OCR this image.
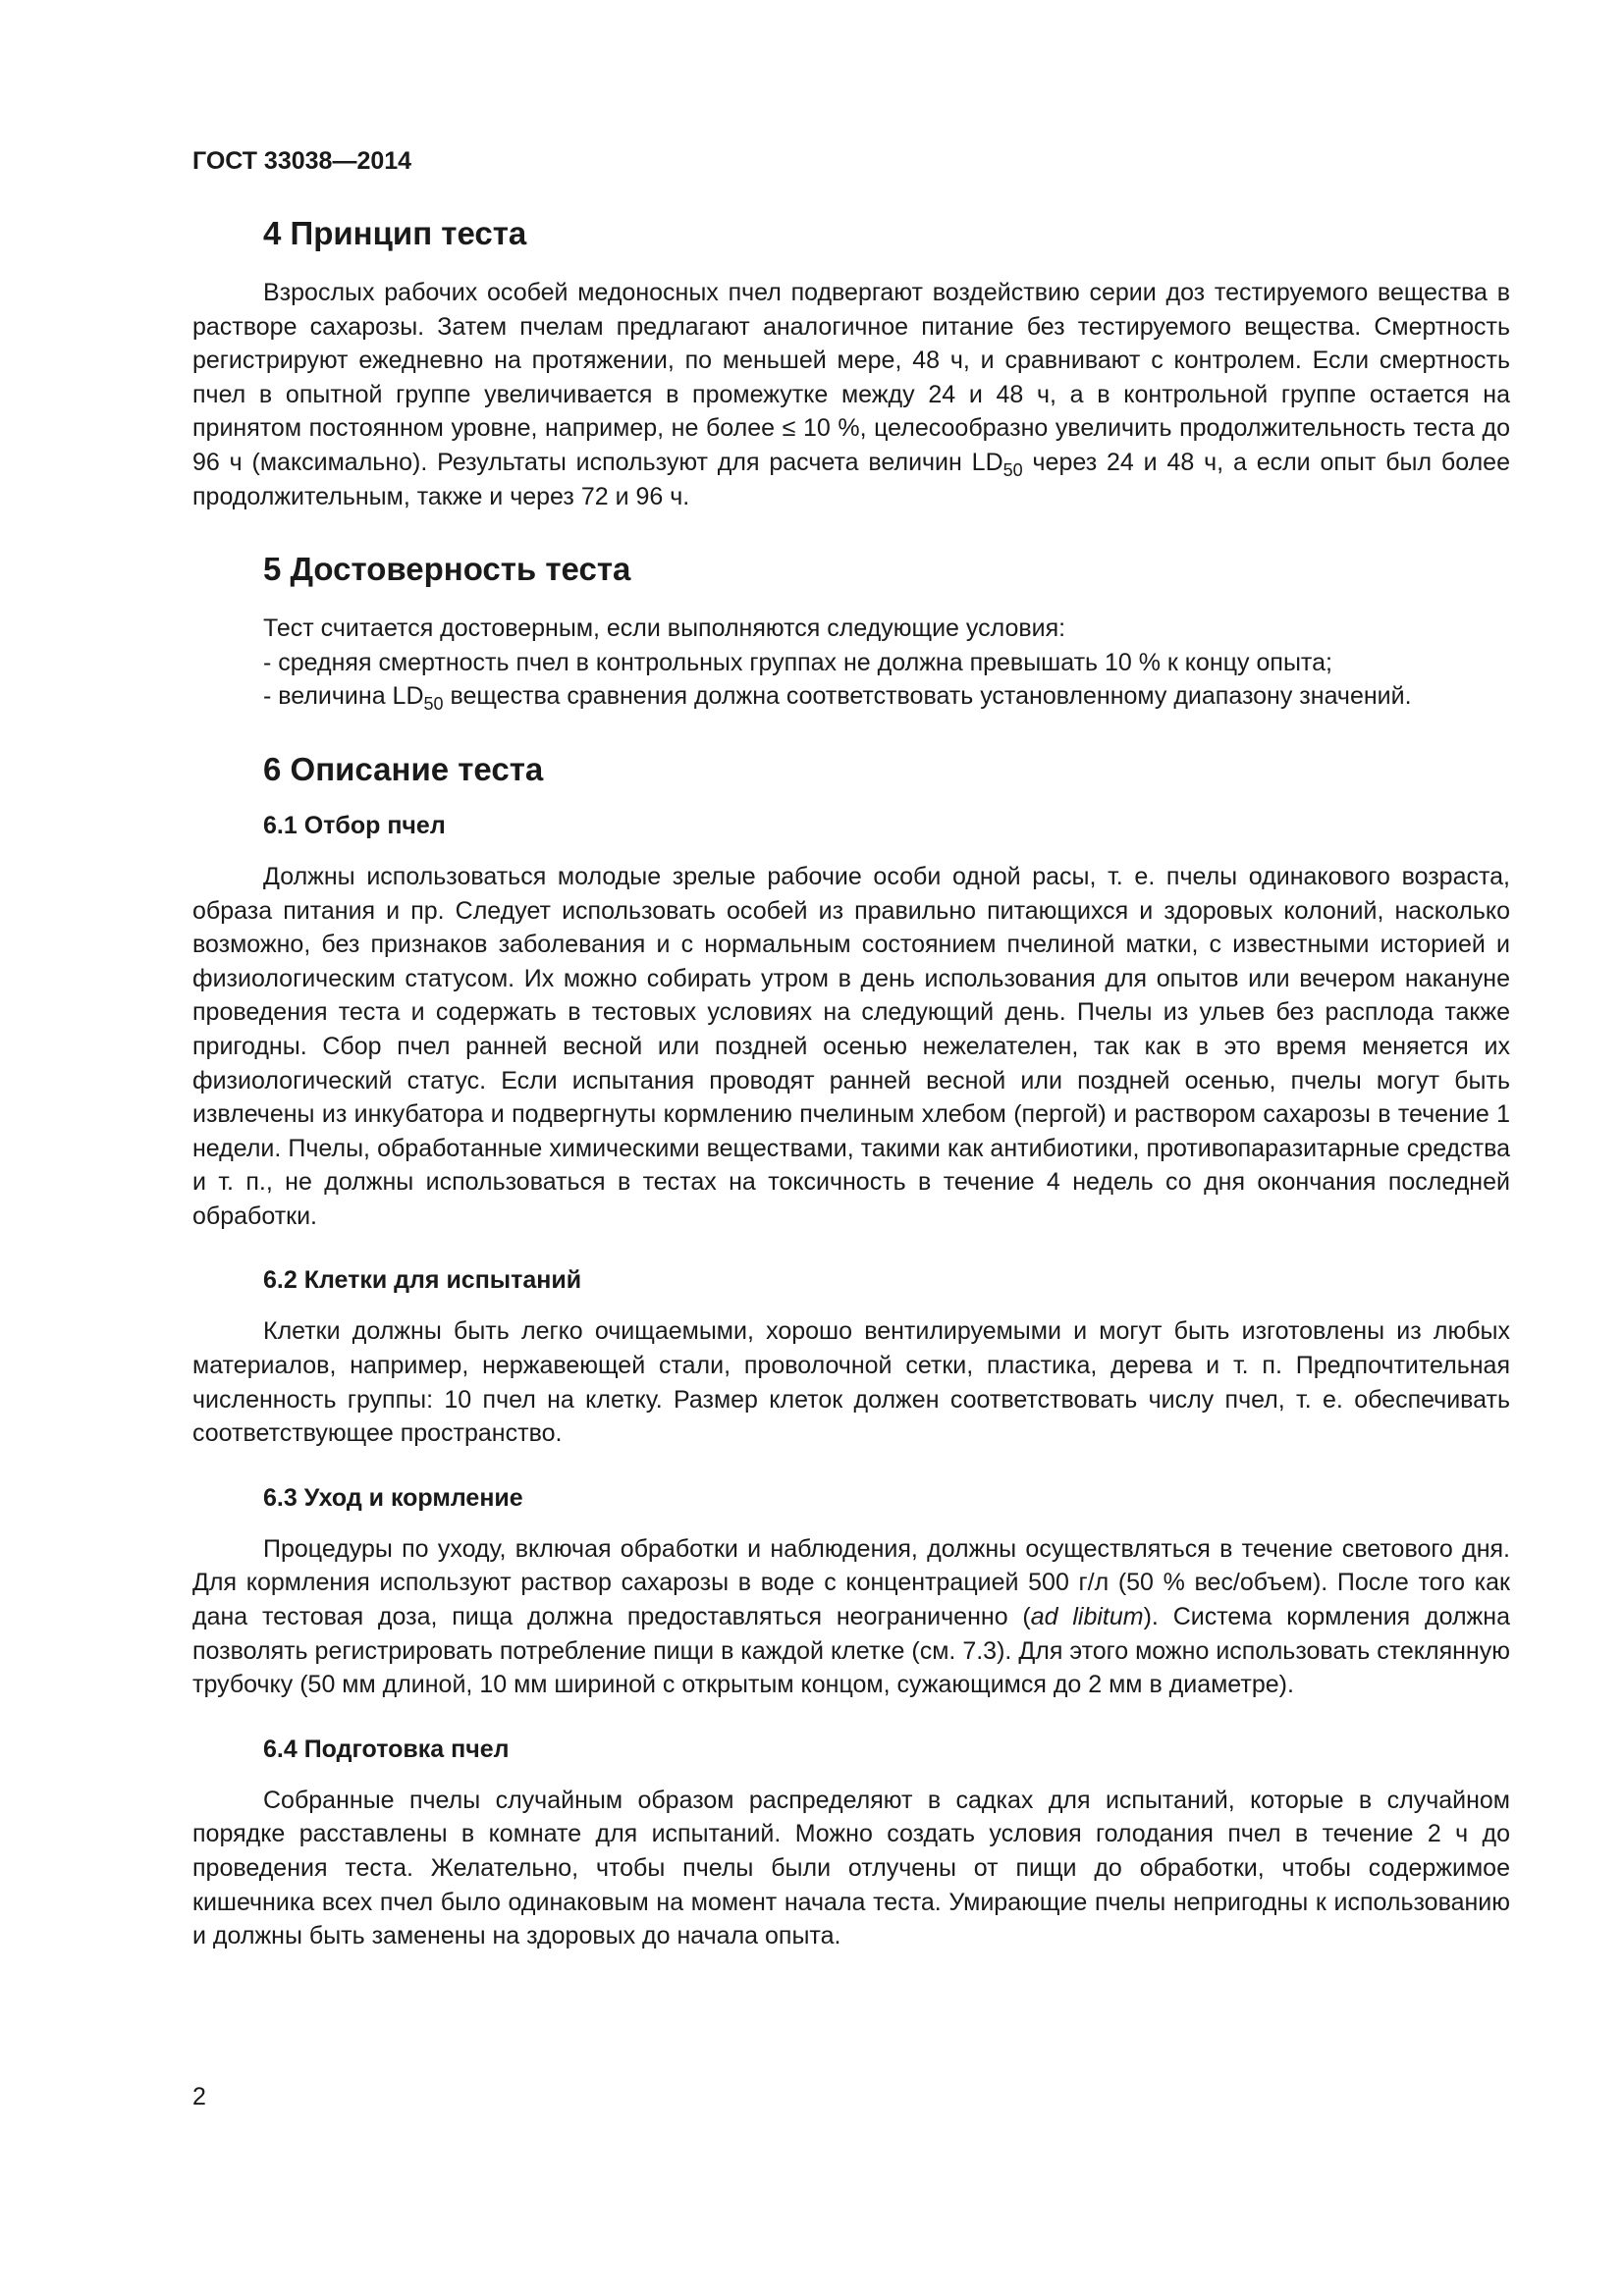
ГОСТ 33038—2014
4 Принцип теста

Взрослых рабочих особей медоносных пчел подвергают воздействию серии доз тестируемого вещества в растворе сахарозы. Затем пчелам предлагают аналогичное питание без тестируемого вещества. Смертность регистрируют ежедневно на протяжении, по меньшей мере, 48 ч, и сравнивают с контролем. Если смертность пчел в опытной группе увеличивается в промежутке между 24 и 48 ч, а в контрольной группе остается на принятом постоянном уровне, например, не более ≤ 10 %, целесообразно увеличить продолжительность теста до 96 ч (максимально). Результаты используют для расчета величин $LD_{50}$ через 24 и 48 ч, а если опыт был более продолжительным, также и через 72 и 96 ч.

5 Достоверность теста

Тест считается достоверным, если выполняются следующие условия:

- средняя смертность пчел в контрольных группах не должна превышать 10 % к концу опыта;

- величина $LD_{50}$ вещества сравнения должна соответствовать установленному диапазону значений.

6 Описание теста
6.1 Отбор пчел

Должны использоваться молодые зрелые рабочие особи одной расы, т. е. пчелы одинакового возраста, образа питания и пр. Следует использовать особей из правильно питающихся и здоровых колоний, насколько возможно, без признаков заболевания и с нормальным состоянием пчелиной матки, с известными историей и физиологическим статусом. Их можно собирать утром в день использования для опытов или вечером накануне проведения теста и содержать в тестовых условиях на следующий день. Пчелы из ульев без расплода также пригодны. Сбор пчел ранней весной или поздней осенью нежелателен, так как в это время меняется их физиологический статус. Если испытания проводят ранней весной или поздней осенью, пчелы могут быть извлечены из инкубатора и подвергнуты кормлению пчелиным хлебом (пергой) и раствором сахарозы в течение 1 недели. Пчелы, обработанные химическими веществами, такими как антибиотики, противопаразитарные средства и т. п., не должны использоваться в тестах на токсичность в течение 4 недель со дня окончания последней обработки.

6.2 Клетки для испытаний

Клетки должны быть легко очищаемыми, хорошо вентилируемыми и могут быть изготовлены из любых материалов, например, нержавеющей стали, проволочной сетки, пластика, дерева и т. п. Предпочтительная численность группы: 10 пчел на клетку. Размер клеток должен соответствовать числу пчел, т. е. обеспечивать соответствующее пространство.

6.3 Уход и кормление

Процедуры по уходу, включая обработки и наблюдения, должны осуществляться в течение светового дня. Для кормления используют раствор сахарозы в воде с концентрацией 500 г/л (50 % вес/объем). После того как дана тестовая доза, пища должна предоставляться неограниченно (ad libitum). Система кормления должна позволять регистрировать потребление пищи в каждой клетке (см. 7.3). Для этого можно использовать стеклянную трубочку (50 мм длиной, 10 мм шириной с открытым концом, сужающимся до 2 мм в диаметре).

6.4 Подготовка пчел

Собранные пчелы случайным образом распределяют в садках для испытаний, которые в случайном порядке расставлены в комнате для испытаний. Можно создать условия голодания пчел в течение 2 ч до проведения теста. Желательно, чтобы пчелы были отлучены от пищи до обработки, чтобы содержимое кишечника всех пчел было одинаковым на момент начала теста. Умирающие пчелы непригодны к использованию и должны быть заменены на здоровых до начала опыта.

2
